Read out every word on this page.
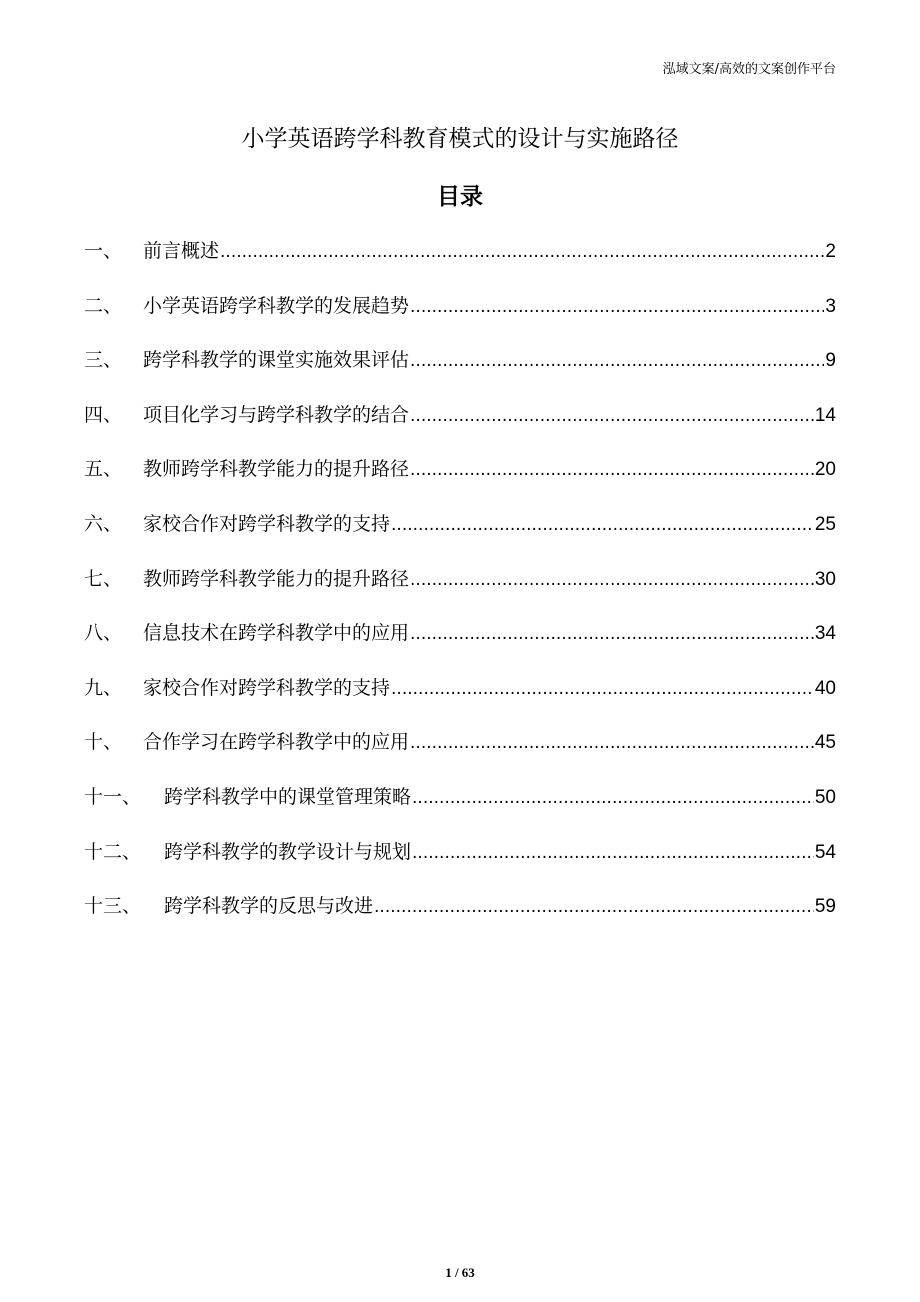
泓域文案/高效的文案创作平台
小学英语跨学科教育模式的设计与实施路径
目录
一、	前言概述 .....	2
二、	小学英语跨学科教学的发展趋势 .....	3
三、	跨学科教学的课堂实施效果评估 .....	9
四、	项目化学习与跨学科教学的结合 .....	14
五、	教师跨学科教学能力的提升路径 .....	20
六、	家校合作对跨学科教学的支持 .....	25
七、	教师跨学科教学能力的提升路径 .....	30
八、	信息技术在跨学科教学中的应用 .....	34
九、	家校合作对跨学科教学的支持 .....	40
十、	合作学习在跨学科教学中的应用 .....	45
十一、	跨学科教学中的课堂管理策略 .....	50
十二、	跨学科教学的教学设计与规划 .....	54
十三、	跨学科教学的反思与改进 .....	59
1 / 63
